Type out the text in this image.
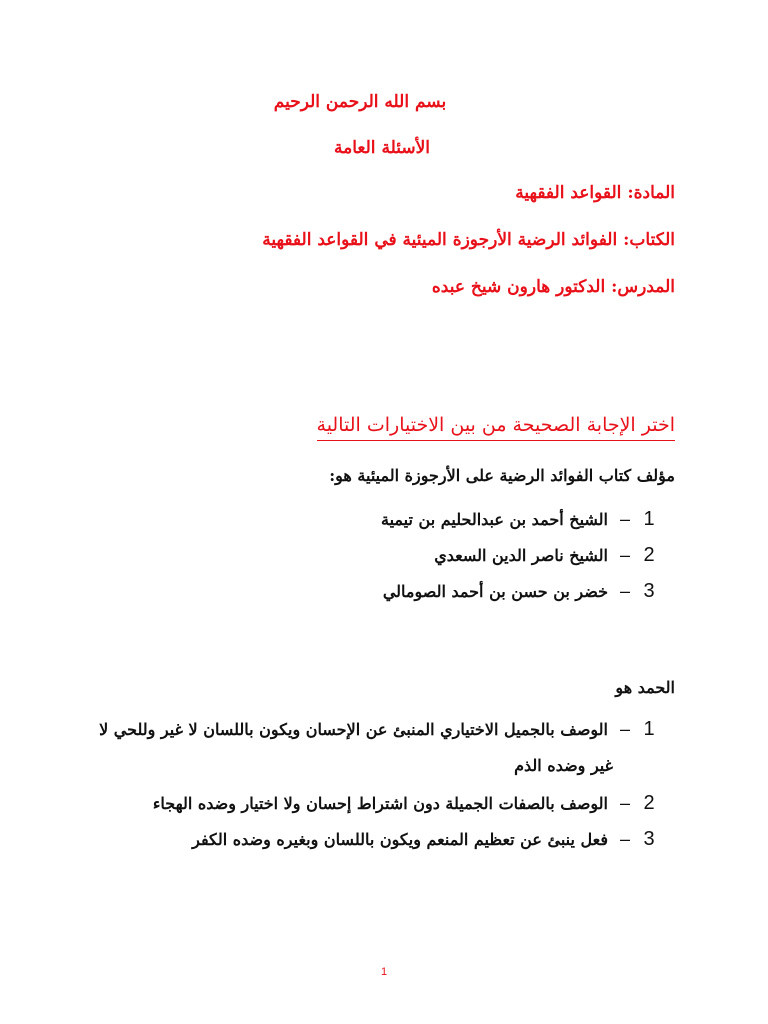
بسم الله الرحمن الرحيم
الأسئلة العامة
المادة: القواعد الفقهية
الكتاب: الفوائد الرضية الأرجوزة الميئية في القواعد الفقهية
المدرس: الدكتور هارون شيخ عبده
اختر الإجابة الصحيحة من بين الاختيارات التالية
مؤلف كتاب الفوائد الرضية على الأرجوزة الميئية هو:
1
–
الشيخ أحمد بن عبدالحليم بن تيمية
2
–
الشيخ ناصر الدين السعدي
3
–
خضر بن حسن بن أحمد الصومالي
الحمد هو
1
–
الوصف بالجميل الاختياري المنبئ عن الإحسان ويكون باللسان لا غير وللحي لا
غير وضده الذم
2
–
الوصف بالصفات الجميلة دون اشتراط إحسان ولا اختيار وضده الهجاء
3
–
فعل ينبئ عن تعظيم المنعم ويكون باللسان وبغيره وضده الكفر
1
